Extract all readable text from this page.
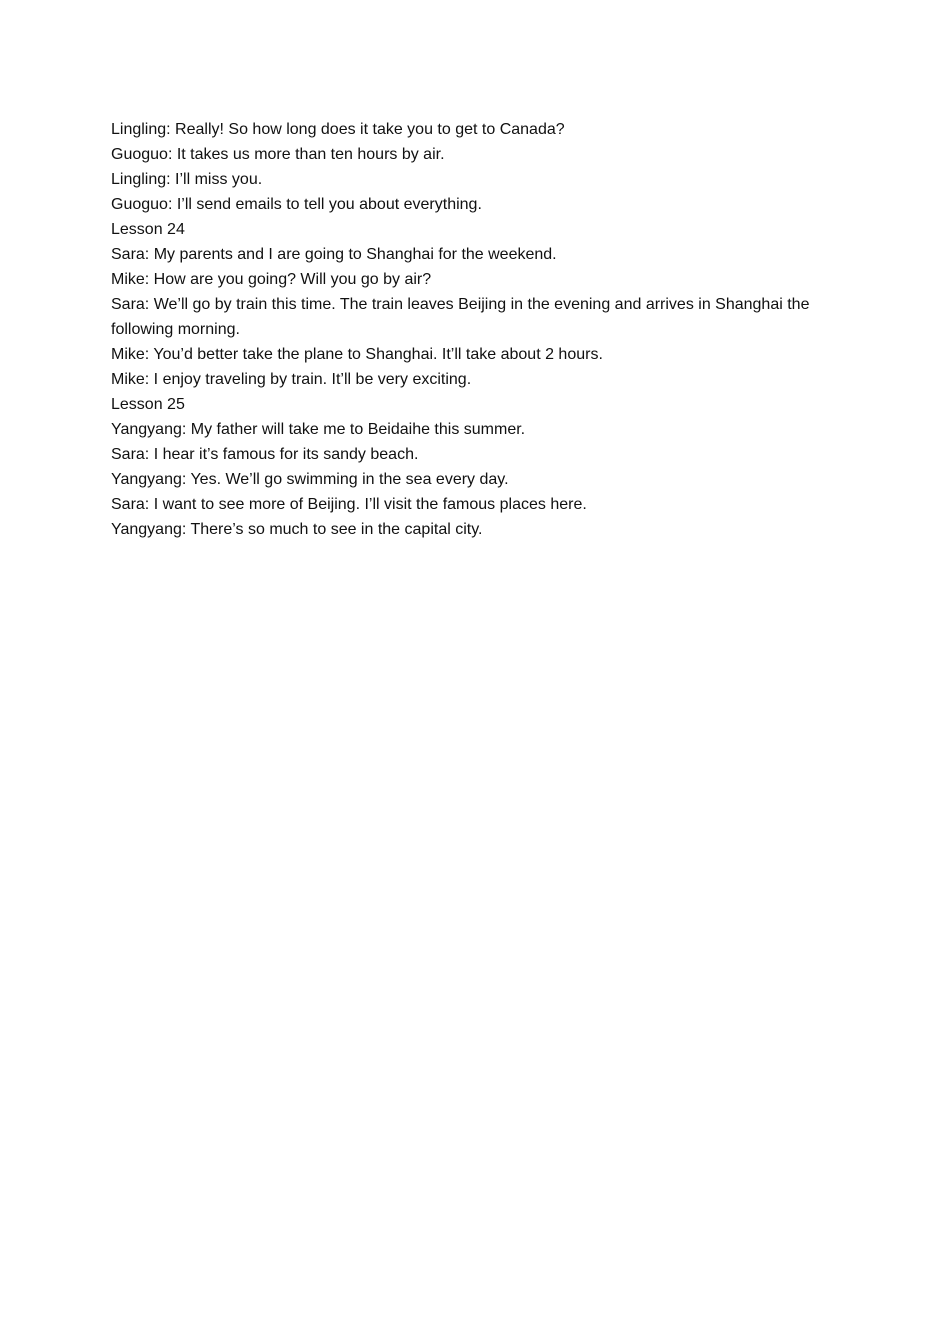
Lingling: Really! So how long does it take you to get to Canada?

Guoguo: It takes us more than ten hours by air.

Lingling: I’ll miss you.

Guoguo: I’ll send emails to tell you about everything.

Lesson 24

Sara: My parents and I are going to Shanghai for the weekend.

Mike: How are you going? Will you go by air?

Sara: We’ll go by train this time. The train leaves Beijing in the evening and arrives in Shanghai the following morning.

Mike: You’d better take the plane to Shanghai. It’ll take about 2 hours.

Mike: I enjoy traveling by train. It’ll be very exciting.

Lesson 25

Yangyang: My father will take me to Beidaihe this summer.

Sara: I hear it’s famous for its sandy beach.

Yangyang: Yes. We’ll go swimming in the sea every day.

Sara: I want to see more of Beijing. I’ll visit the famous places here.

Yangyang: There’s so much to see in the capital city.
